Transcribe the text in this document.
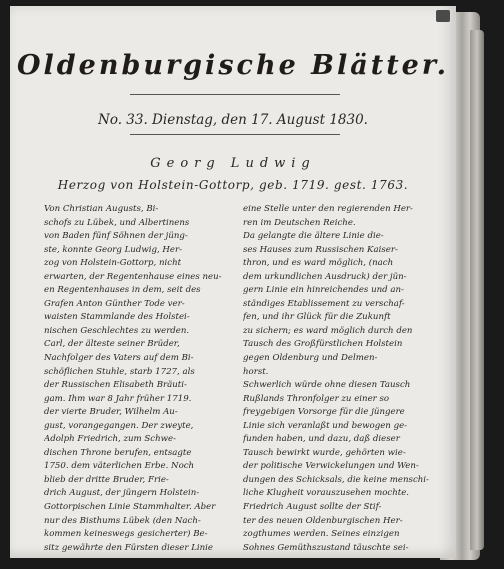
Oldenburgische Blätter.
No. 33. Dienstag, den 17. August 1830.
Georg Ludwig
Herzog von Holstein-Gottorp, geb. 1719. gest. 1763.
Von Christian Augusts, Bi-
schofs zu Lübek, und Albertinens
von Baden fünf Söhnen der jüng-
ste, konnte Georg Ludwig, Her-
zog von Holstein-Gottorp, nicht
erwarten, der Regentenhause eines neu-
en Regentenhauses in dem, seit des
Grafen Anton Günther Tode ver-
waisten Stammlande des Holstei-
nischen Geschlechtes zu werden.
Carl, der älteste seiner Brüder,
Nachfolger des Vaters auf dem Bi-
schöflichen Stuhle, starb 1727, als
der Russischen Elisabeth Bräuti-
gam. Ihm war 8 Jahr früher 1719.
der vierte Bruder, Wilhelm Au-
gust, vorangegangen. Der zweyte,
Adolph Friedrich, zum Schwe-
dischen Throne berufen, entsagte
1750. dem väterlichen Erbe. Noch
blieb der dritte Bruder, Frie-
drich August, der jüngern Holstein-
Gottorpischen Linie Stammhalter. Aber
nur des Bisthums Lübek (den Nach-
kommen keineswegs gesicherter) Be-
sitz gewährte den Fürsten dieser Linie
eine Stelle unter den regierenden Her-
ren im Deutschen Reiche.
Da gelangte die ältere Linie die-
ses Hauses zum Russischen Kaiser-
thron, und es ward möglich, (nach
dem urkundlichen Ausdruck) der jün-
gern Linie ein hinreichendes und an-
ständiges Etablissement zu verschaf-
fen, und ihr Glück für die Zukunft
zu sichern; es ward möglich durch den
Tausch des Großfürstlichen Holstein
gegen Oldenburg und Delmen-
horst.
Schwerlich würde ohne diesen Tausch
Rußlands Thronfolger zu einer so
freygebigen Vorsorge für die jüngere
Linie sich veranlaßt und bewogen ge-
funden haben, und dazu, daß dieser
Tausch bewirkt wurde, gehörten wie-
der politische Verwickelungen und Wen-
dungen des Schicksals, die keine menschi-
liche Klugheit vorauszusehen mochte.
Friedrich August sollte der Stif-
ter des neuen Oldenburgischen Her-
zogthumes werden. Seines einzigen
Sohnes Gemüthszustand täuschte sei-
